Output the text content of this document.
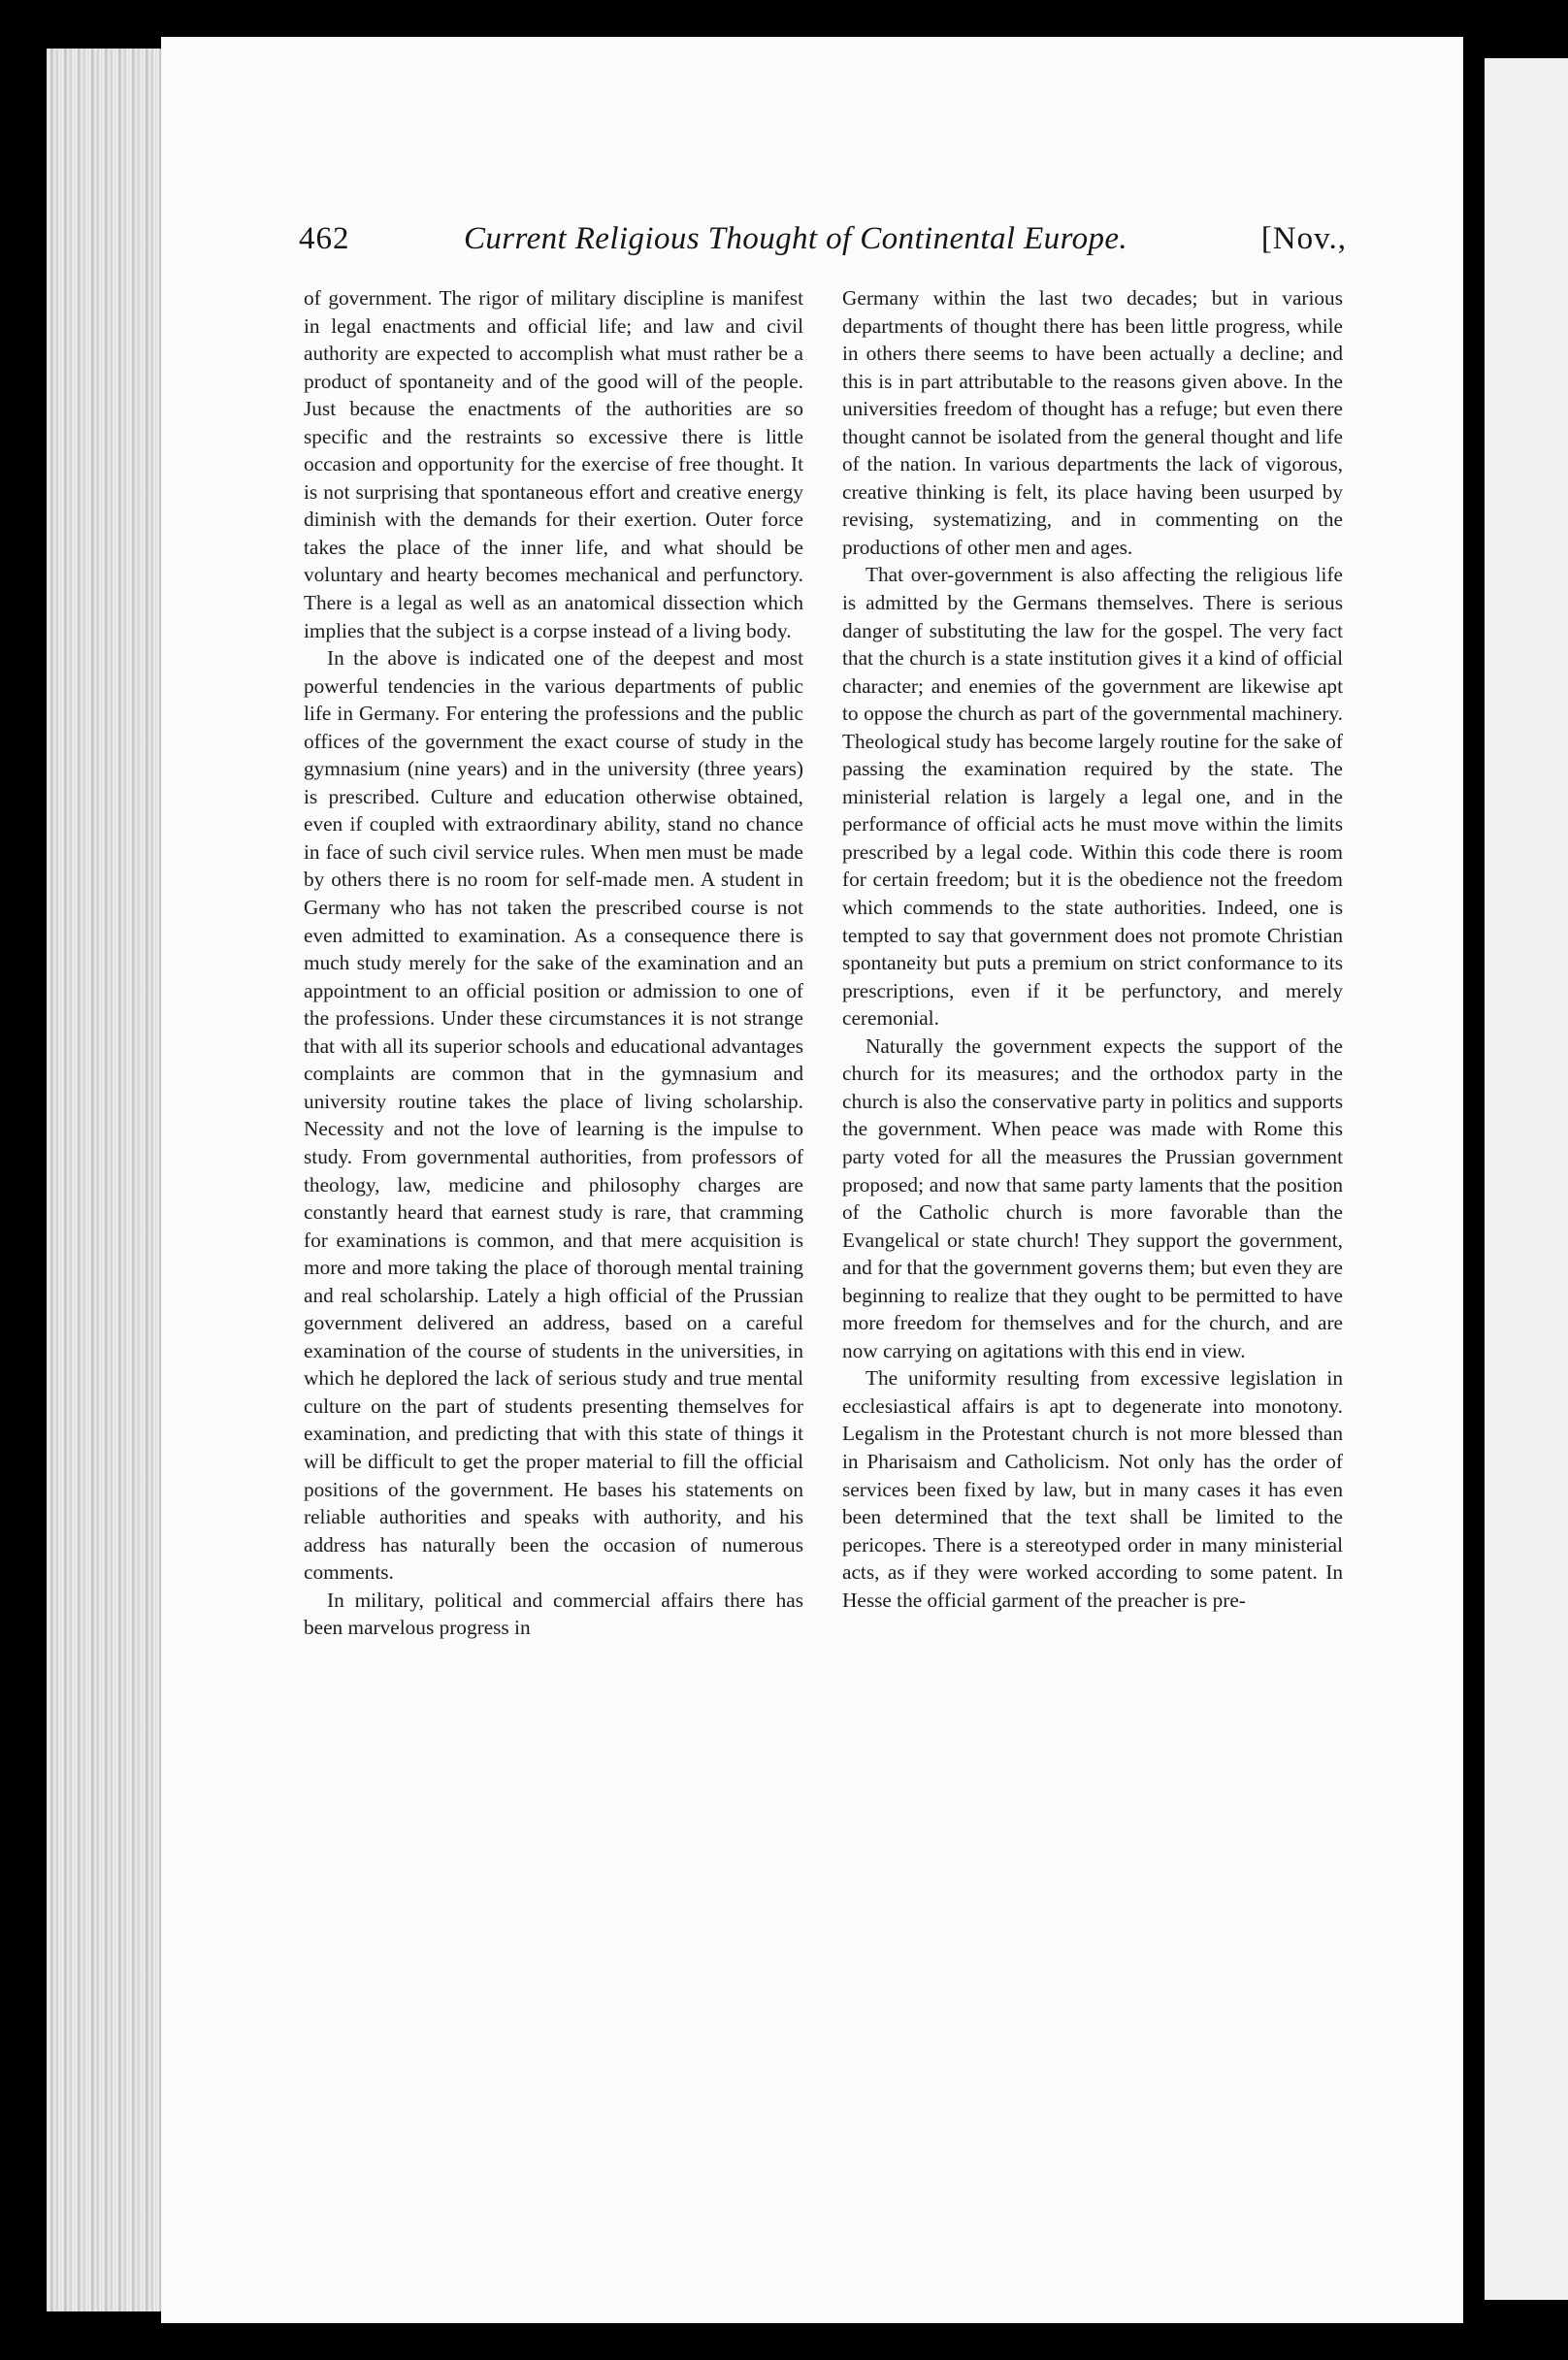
462	Current Religious Thought of Continental Europe.	[Nov.,

of government. The rigor of military discipline is manifest in legal enactments and official life; and law and civil authority are expected to accomplish what must rather be a product of spontaneity and of the good will of the people. Just because the enactments of the authorities are so specific and the restraints so excessive there is little occasion and opportunity for the exercise of free thought. It is not surprising that spontaneous effort and creative energy diminish with the demands for their exertion. Outer force takes the place of the inner life, and what should be voluntary and hearty becomes mechanical and perfunctory. There is a legal as well as an anatomical dissection which implies that the subject is a corpse instead of a living body.

In the above is indicated one of the deepest and most powerful tendencies in the various departments of public life in Germany. For entering the professions and the public offices of the government the exact course of study in the gymnasium (nine years) and in the university (three years) is prescribed. Culture and education otherwise obtained, even if coupled with extraordinary ability, stand no chance in face of such civil service rules. When men must be made by others there is no room for self-made men. A student in Germany who has not taken the prescribed course is not even admitted to examination. As a consequence there is much study merely for the sake of the examination and an appointment to an official position or admission to one of the professions. Under these circumstances it is not strange that with all its superior schools and educational advantages complaints are common that in the gymnasium and university routine takes the place of living scholarship. Necessity and not the love of learning is the impulse to study. From governmental authorities, from professors of theology, law, medicine and philosophy charges are constantly heard that earnest study is rare, that cramming for examinations is common, and that mere acquisition is more and more taking the place of thorough mental training and real scholarship. Lately a high official of the Prussian government delivered an address, based on a careful examination of the course of students in the universities, in which he deplored the lack of serious study and true mental culture on the part of students presenting themselves for examination, and predicting that with this state of things it will be difficult to get the proper material to fill the official positions of the government. He bases his statements on reliable authorities and speaks with authority, and his address has naturally been the occasion of numerous comments.

In military, political and commercial affairs there has been marvelous progress in

Germany within the last two decades; but in various departments of thought there has been little progress, while in others there seems to have been actually a decline; and this is in part attributable to the reasons given above. In the universities freedom of thought has a refuge; but even there thought cannot be isolated from the general thought and life of the nation. In various departments the lack of vigorous, creative thinking is felt, its place having been usurped by revising, systematizing, and in commenting on the productions of other men and ages.

That over-government is also affecting the religious life is admitted by the Germans themselves. There is serious danger of substituting the law for the gospel. The very fact that the church is a state institution gives it a kind of official character; and enemies of the government are likewise apt to oppose the church as part of the governmental machinery. Theological study has become largely routine for the sake of passing the examination required by the state. The ministerial relation is largely a legal one, and in the performance of official acts he must move within the limits prescribed by a legal code. Within this code there is room for certain freedom; but it is the obedience not the freedom which commends to the state authorities. Indeed, one is tempted to say that government does not promote Christian spontaneity but puts a premium on strict conformance to its prescriptions, even if it be perfunctory, and merely ceremonial.

Naturally the government expects the support of the church for its measures; and the orthodox party in the church is also the conservative party in politics and supports the government. When peace was made with Rome this party voted for all the measures the Prussian government proposed; and now that same party laments that the position of the Catholic church is more favorable than the Evangelical or state church! They support the government, and for that the government governs them; but even they are beginning to realize that they ought to be permitted to have more freedom for themselves and for the church, and are now carrying on agitations with this end in view.

The uniformity resulting from excessive legislation in ecclesiastical affairs is apt to degenerate into monotony. Legalism in the Protestant church is not more blessed than in Pharisaism and Catholicism. Not only has the order of services been fixed by law, but in many cases it has even been determined that the text shall be limited to the pericopes. There is a stereotyped order in many ministerial acts, as if they were worked according to some patent. In Hesse the official garment of the preacher is pre-
